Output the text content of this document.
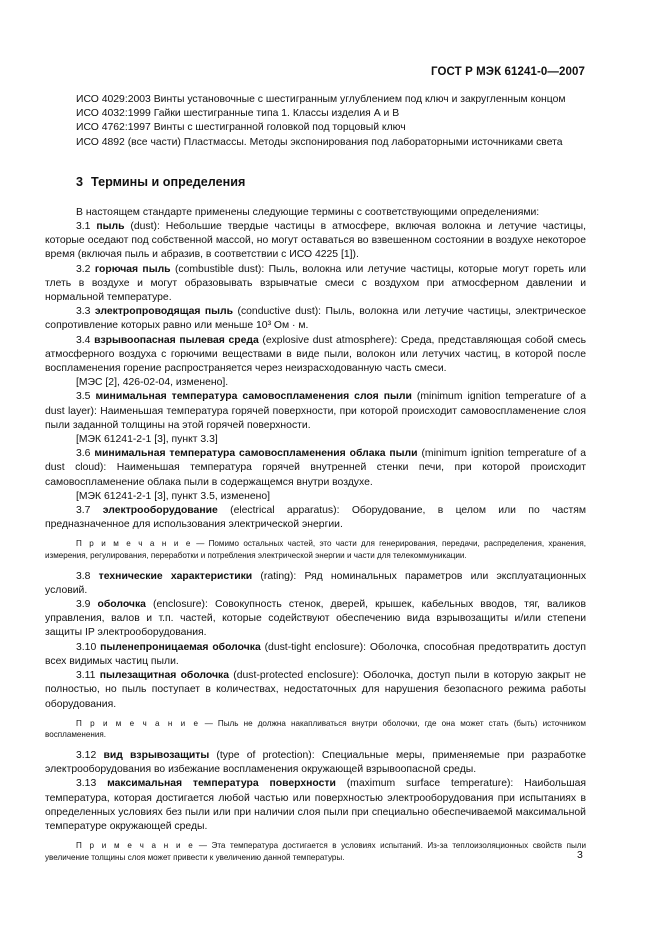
ГОСТ Р МЭК 61241-0—2007

ИСО 4029:2003 Винты установочные с шестигранным углублением под ключ и закругленным концом

ИСО 4032:1999 Гайки шестигранные типа 1. Классы изделия А и В

ИСО 4762:1997 Винты с шестигранной головкой под торцовый ключ

ИСО 4892 (все части) Пластмассы. Методы экспонирования под лабораторными источниками света

3 Термины и определения

В настоящем стандарте применены следующие термины с соответствующими определениями:

3.1 пыль (dust): Небольшие твердые частицы в атмосфере, включая волокна и летучие частицы, которые оседают под собственной массой, но могут оставаться во взвешенном состоянии в воздухе некоторое время (включая пыль и абразив, в соответствии с ИСО 4225 [1]).

3.2 горючая пыль (combustible dust): Пыль, волокна или летучие частицы, которые могут гореть или тлеть в воздухе и могут образовывать взрывчатые смеси с воздухом при атмосферном давлении и нормальной температуре.

3.3 электропроводящая пыль (conductive dust): Пыль, волокна или летучие частицы, электрическое сопротивление которых равно или меньше 10³ Ом · м.

3.4 взрывоопасная пылевая среда (explosive dust atmosphere): Среда, представляющая собой смесь атмосферного воздуха с горючими веществами в виде пыли, волокон или летучих частиц, в которой после воспламенения горение распространяется через неизрасходованную часть смеси.

[МЭС [2], 426-02-04, изменено].

3.5 минимальная температура самовоспламенения слоя пыли (minimum ignition temperature of a dust layer): Наименьшая температура горячей поверхности, при которой происходит самовоспламенение слоя пыли заданной толщины на этой горячей поверхности.

[МЭК 61241-2-1 [3], пункт 3.3]

3.6 минимальная температура самовоспламенения облака пыли (minimum ignition temperature of a dust cloud): Наименьшая температура горячей внутренней стенки печи, при которой происходит самовоспламенение облака пыли в содержащемся внутри воздухе.

[МЭК 61241-2-1 [3], пункт 3.5, изменено]

3.7 электрооборудование (electrical apparatus): Оборудование, в целом или по частям предназначенное для использования электрической энергии.

П р и м е ч а н и е — Помимо остальных частей, это части для генерирования, передачи, распределения, хранения, измерения, регулирования, переработки и потребления электрической энергии и части для телекоммуникации.

3.8 технические характеристики (rating): Ряд номинальных параметров или эксплуатационных условий.

3.9 оболочка (enclosure): Совокупность стенок, дверей, крышек, кабельных вводов, тяг, валиков управления, валов и т.п. частей, которые содействуют обеспечению вида взрывозащиты и/или степени защиты IP электрооборудования.

3.10 пыленепроницаемая оболочка (dust-tight enclosure): Оболочка, способная предотвратить доступ всех видимых частиц пыли.

3.11 пылезащитная оболочка (dust-protected enclosure): Оболочка, доступ пыли в которую закрыт не полностью, но пыль поступает в количествах, недостаточных для нарушения безопасного режима работы оборудования.

П р и м е ч а н и е — Пыль не должна накапливаться внутри оболочки, где она может стать (быть) источником воспламенения.

3.12 вид взрывозащиты (type of protection): Специальные меры, применяемые при разработке электрооборудования во избежание воспламенения окружающей взрывоопасной среды.

3.13 максимальная температура поверхности (maximum surface temperature): Наибольшая температура, которая достигается любой частью или поверхностью электрооборудования при испытаниях в определенных условиях без пыли или при наличии слоя пыли при специально обеспечиваемой максимальной температуре окружающей среды.

П р и м е ч а н и е — Эта температура достигается в условиях испытаний. Из-за теплоизоляционных свойств пыли увеличение толщины слоя может привести к увеличению данной температуры.	3
